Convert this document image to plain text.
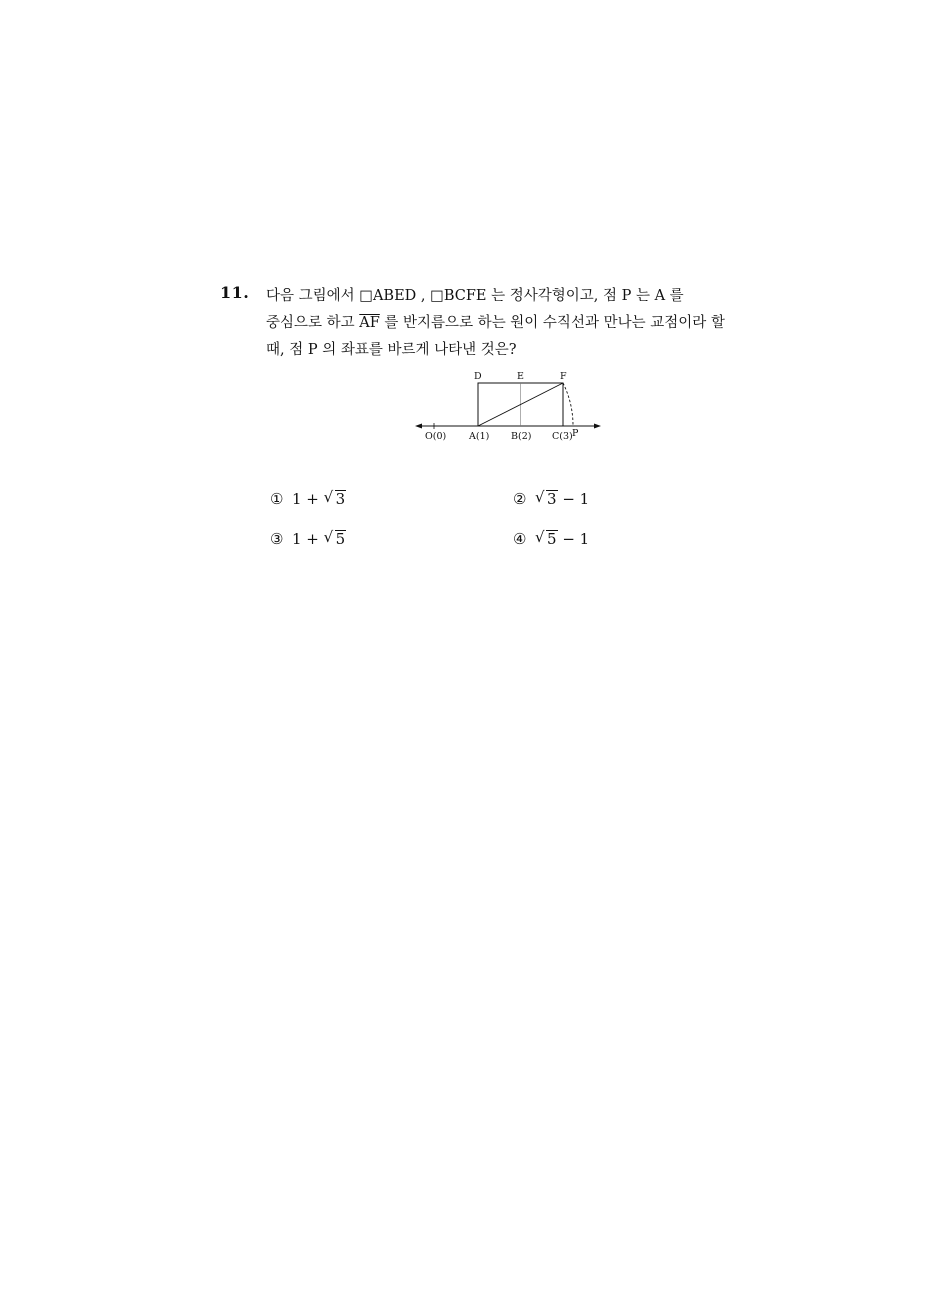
11. 다음 그림에서 □ABED , □BCFE 는 정사각형이고, 점 P 는 A 를
중심으로 하고 $\overline{AF}$ 를 반지름으로 하는 원이 수직선과 만나는 교점이라 할
때, 점 P 의 좌표를 바르게 나타낸 것은?
D	E	F
O(0) A(1) B(2) C(3) P
① 1 + √ 3	② √ 3 − 1
③ 1 + √ 5	④ √ 5 − 1
